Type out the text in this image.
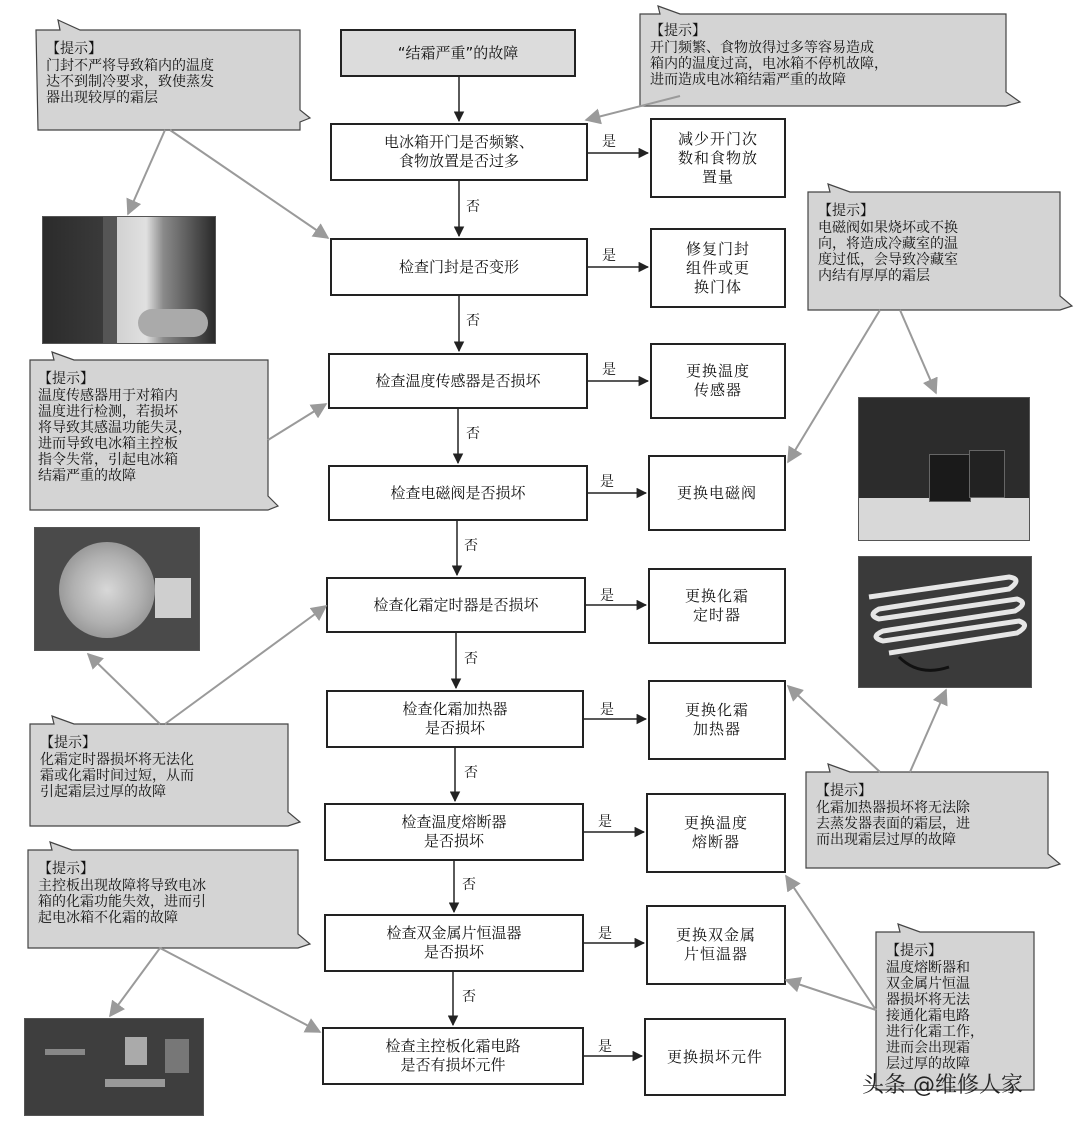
“结霜严重”的故障
电冰箱开门是否频繁、
食物放置是否过多
检查门封是否变形
检查温度传感器是否损坏
检查电磁阀是否损坏
检查化霜定时器是否损坏
检查化霜加热器
是否损坏
检查温度熔断器
是否损坏
检查双金属片恒温器
是否损坏
检查主控板化霜电路
是否有损坏元件
减少开门次
数和食物放
置量
修复门封
组件或更
换门体
更换温度
传感器
更换电磁阀
更换化霜
定时器
更换化霜
加热器
更换温度
熔断器
更换双金属
片恒温器
更换损坏元件
是
是
是
是
是
是
是
是
是
否
否
否
否
否
否
否
否
【提示】
门封不严将导致箱内的温度
达不到制冷要求，致使蒸发
器出现较厚的霜层
【提示】
开门频繁、食物放得过多等容易造成
箱内的温度过高，电冰箱不停机故障，
进而造成电冰箱结霜严重的故障
【提示】
电磁阀如果烧坏或不换
向，将造成冷藏室的温
度过低，会导致冷藏室
内结有厚厚的霜层
【提示】
温度传感器用于对箱内
温度进行检测，若损坏
将导致其感温功能失灵，
进而导致电冰箱主控板
指令失常，引起电冰箱
结霜严重的故障
【提示】
化霜定时器损坏将无法化
霜或化霜时间过短，从而
引起霜层过厚的故障	【提示】
化霜加热器损坏将无法除
去蒸发器表面的霜层，进
而出现霜层过厚的故障
【提示】
主控板出现故障将导致电冰
箱的化霜功能失效，进而引
起电冰箱不化霜的故障
【提示】
温度熔断器和
双金属片恒温
器损坏将无法
接通化霜电路
进行化霜工作，
进而会出现霜
层过厚的故障
头条 @维修人家
